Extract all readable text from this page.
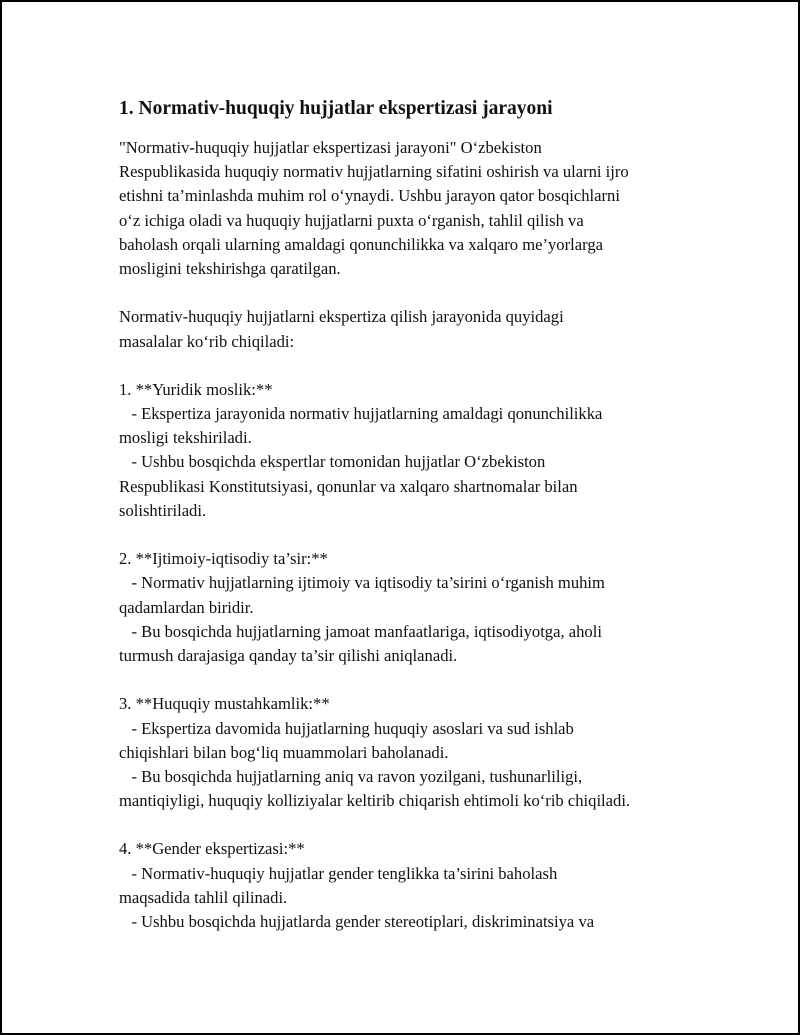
1. Normativ-huquqiy hujjatlar ekspertizasi jarayoni
"Normativ-huquqiy hujjatlar ekspertizasi jarayoni" O‘zbekiston
Respublikasida huquqiy normativ hujjatlarning sifatini oshirish va ularni ijro
etishni ta’minlashda muhim rol o‘ynaydi. Ushbu jarayon qator bosqichlarni
o‘z ichiga oladi va huquqiy hujjatlarni puxta o‘rganish, tahlil qilish va
baholash orqali ularning amaldagi qonunchilikka va xalqaro me’yorlarga
mosligini tekshirishga qaratilgan.
Normativ-huquqiy hujjatlarni ekspertiza qilish jarayonida quyidagi
masalalar ko‘rib chiqiladi:
1. **Yuridik moslik:**
- Ekspertiza jarayonida normativ hujjatlarning amaldagi qonunchilikka
mosligi tekshiriladi.
- Ushbu bosqichda ekspertlar tomonidan hujjatlar O‘zbekiston
Respublikasi Konstitutsiyasi, qonunlar va xalqaro shartnomalar bilan
solishtiriladi.
2. **Ijtimoiy-iqtisodiy ta’sir:**
- Normativ hujjatlarning ijtimoiy va iqtisodiy ta’sirini o‘rganish muhim
qadamlardan biridir.
- Bu bosqichda hujjatlarning jamoat manfaatlariga, iqtisodiyotga, aholi
turmush darajasiga qanday ta’sir qilishi aniqlanadi.
3. **Huquqiy mustahkamlik:**
- Ekspertiza davomida hujjatlarning huquqiy asoslari va sud ishlab
chiqishlari bilan bog‘liq muammolari baholanadi.
- Bu bosqichda hujjatlarning aniq va ravon yozilgani, tushunarliligi,
mantiqiyligi, huquqiy kolliziyalar keltirib chiqarish ehtimoli ko‘rib chiqiladi.
4. **Gender ekspertizasi:**
- Normativ-huquqiy hujjatlar gender tenglikka ta’sirini baholash
maqsadida tahlil qilinadi.
- Ushbu bosqichda hujjatlarda gender stereotiplari, diskriminatsiya va
